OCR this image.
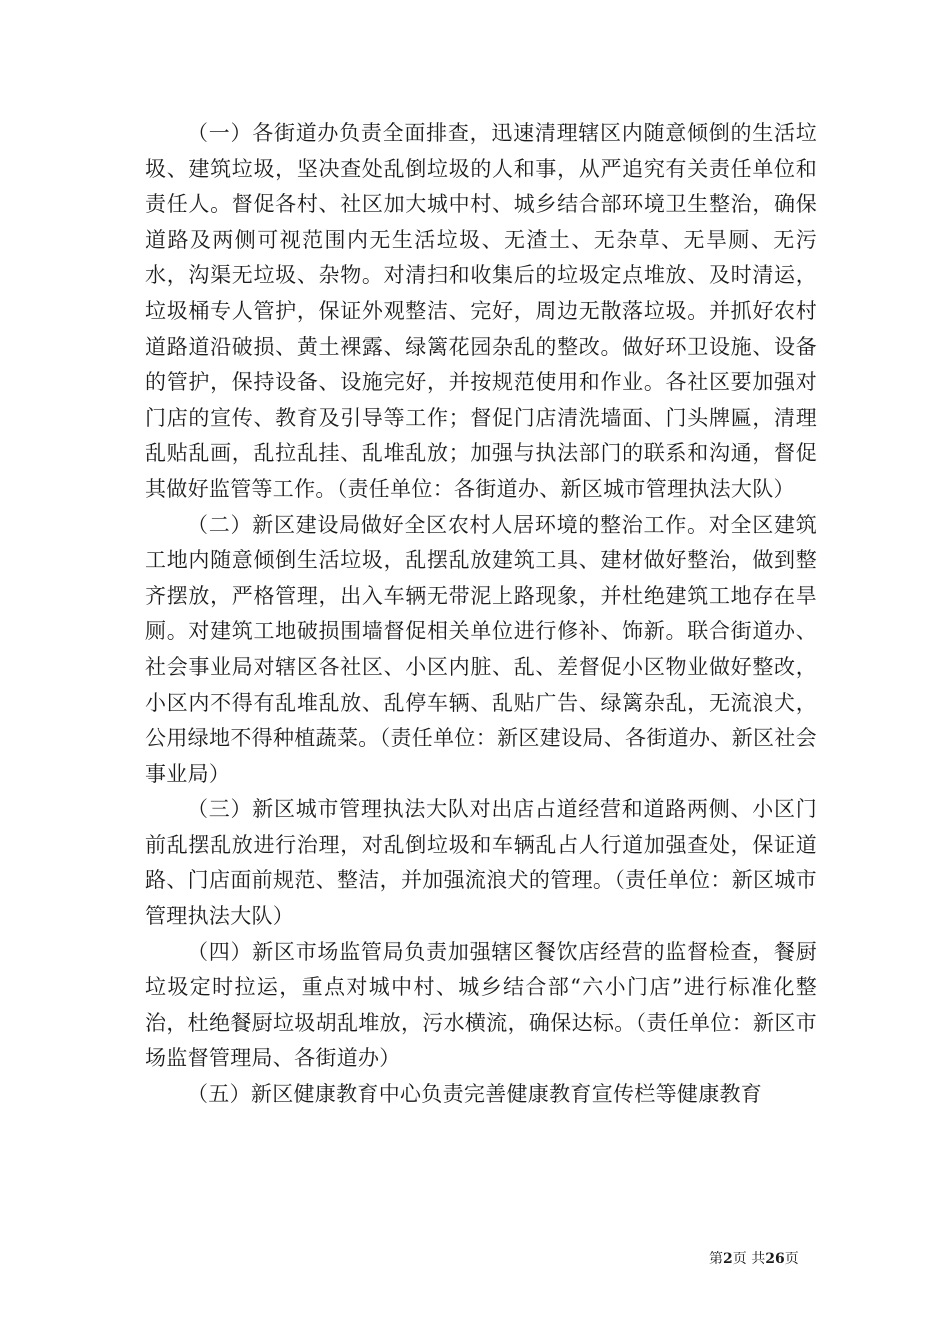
（一）各街道办负责全面排查，迅速清理辖区内随意倾倒的生活垃圾、建筑垃圾，坚决查处乱倒垃圾的人和事，从严追究有关责任单位和责任人。督促各村、社区加大城中村、城乡结合部环境卫生整治，确保道路及两侧可视范围内无生活垃圾、无渣土、无杂草、无旱厕、无污水，沟渠无垃圾、杂物。对清扫和收集后的垃圾定点堆放、及时清运，垃圾桶专人管护，保证外观整洁、完好，周边无散落垃圾。并抓好农村道路道沿破损、黄土裸露、绿篱花园杂乱的整改。做好环卫设施、设备的管护，保持设备、设施完好，并按规范使用和作业。各社区要加强对门店的宣传、教育及引导等工作；督促门店清洗墙面、门头牌匾，清理乱贴乱画，乱拉乱挂、乱堆乱放；加强与执法部门的联系和沟通，督促其做好监管等工作。（责任单位：各街道办、新区城市管理执法大队）

（二）新区建设局做好全区农村人居环境的整治工作。对全区建筑工地内随意倾倒生活垃圾，乱摆乱放建筑工具、建材做好整治，做到整齐摆放，严格管理，出入车辆无带泥上路现象，并杜绝建筑工地存在旱厕。对建筑工地破损围墙督促相关单位进行修补、饰新。联合街道办、社会事业局对辖区各社区、小区内脏、乱、差督促小区物业做好整改，小区内不得有乱堆乱放、乱停车辆、乱贴广告、绿篱杂乱，无流浪犬，公用绿地不得种植蔬菜。（责任单位：新区建设局、各街道办、新区社会事业局）

（三）新区城市管理执法大队对出店占道经营和道路两侧、小区门前乱摆乱放进行治理，对乱倒垃圾和车辆乱占人行道加强查处，保证道路、门店面前规范、整洁，并加强流浪犬的管理。（责任单位：新区城市管理执法大队）

（四）新区市场监管局负责加强辖区餐饮店经营的监督检查，餐厨垃圾定时拉运，重点对城中村、城乡结合部“六小门店”进行标准化整治，杜绝餐厨垃圾胡乱堆放，污水横流，确保达标。（责任单位：新区市场监督管理局、各街道办）

（五）新区健康教育中心负责完善健康教育宣传栏等健康教育

第2页 共26页
